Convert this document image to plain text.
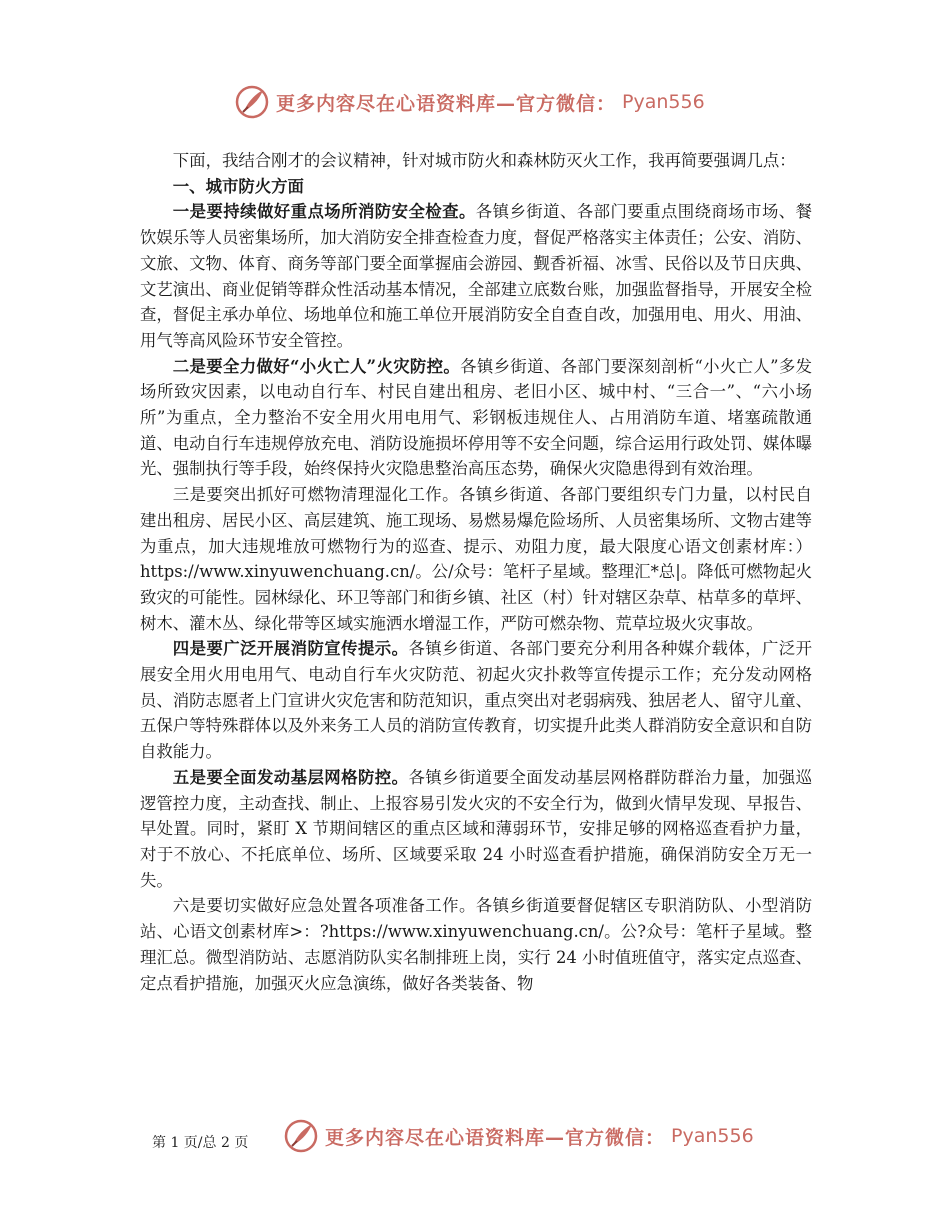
更多内容尽在心语资料库—官方微信： Pyan556

下面，我结合刚才的会议精神，针对城市防火和森林防灭火工作，我再简要强调几点：

一、城市防火方面

一是要持续做好重点场所消防安全检查。各镇乡街道、各部门要重点围绕商场市场、餐饮娱乐等人员密集场所，加大消防安全排查检查力度，督促严格落实主体责任；公安、消防、文旅、文物、体育、商务等部门要全面掌握庙会游园、觐香祈福、冰雪、民俗以及节日庆典、文艺演出、商业促销等群众性活动基本情况，全部建立底数台账，加强监督指导，开展安全检查，督促主承办单位、场地单位和施工单位开展消防安全自查自改，加强用电、用火、用油、用气等高风险环节安全管控。

二是要全力做好“小火亡人”火灾防控。各镇乡街道、各部门要深刻剖析“小火亡人”多发场所致灾因素，以电动自行车、村民自建出租房、老旧小区、城中村、“三合一”、“六小场所”为重点，全力整治不安全用火用电用气、彩钢板违规住人、占用消防车道、堵塞疏散通道、电动自行车违规停放充电、消防设施损坏停用等不安全问题，综合运用行政处罚、媒体曝光、强制执行等手段，始终保持火灾隐患整治高压态势，确保火灾隐患得到有效治理。

三是要突出抓好可燃物清理湿化工作。各镇乡街道、各部门要组织专门力量，以村民自建出租房、居民小区、高层建筑、施工现场、易燃易爆危险场所、人员密集场所、文物古建等为重点，加大违规堆放可燃物行为的巡查、提示、劝阻力度，最大限度心语文创素材库：）https://www.xinyuwenchuang.cn/。公/众号：笔杆子星域。整理汇*总|。降低可燃物起火致灾的可能性。园林绿化、环卫等部门和街乡镇、社区（村）针对辖区杂草、枯草多的草坪、树木、灌木丛、绿化带等区域实施洒水增湿工作，严防可燃杂物、荒草垃圾火灾事故。

四是要广泛开展消防宣传提示。各镇乡街道、各部门要充分利用各种媒介载体，广泛开展安全用火用电用气、电动自行车火灾防范、初起火灾扑救等宣传提示工作；充分发动网格员、消防志愿者上门宣讲火灾危害和防范知识，重点突出对老弱病残、独居老人、留守儿童、五保户等特殊群体以及外来务工人员的消防宣传教育，切实提升此类人群消防安全意识和自防自救能力。

五是要全面发动基层网格防控。各镇乡街道要全面发动基层网格群防群治力量，加强巡逻管控力度，主动查找、制止、上报容易引发火灾的不安全行为，做到火情早发现、早报告、早处置。同时，紧盯 X 节期间辖区的重点区域和薄弱环节，安排足够的网格巡查看护力量，对于不放心、不托底单位、场所、区域要采取 24 小时巡查看护措施，确保消防安全万无一失。

六是要切实做好应急处置各项准备工作。各镇乡街道要督促辖区专职消防队、小型消防站、心语文创素材库>：?https://www.xinyuwenchuang.cn/。公?众号：笔杆子星域。整理汇总。微型消防站、志愿消防队实名制排班上岗，实行 24 小时值班值守，落实定点巡查、定点看护措施，加强灭火应急演练，做好各类装备、物

更多内容尽在心语资料库—官方微信： Pyan556
第 1 页/总 2 页
